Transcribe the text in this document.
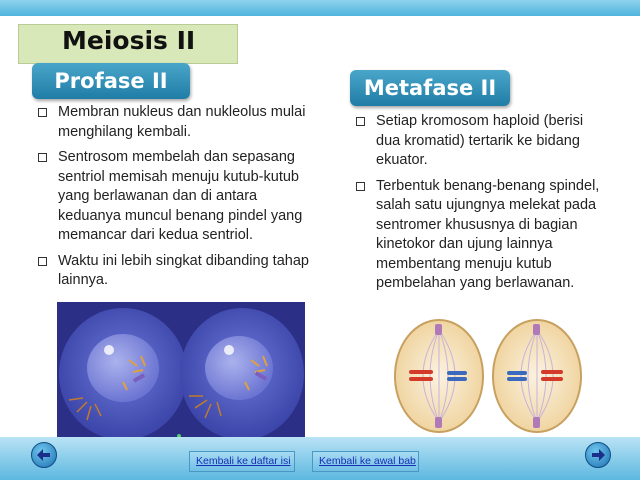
Meiosis II
Profase II	Metafase II
Membran nukleus dan nukleolus mulai menghilang kembali.
Sentrosom membelah dan sepasang sentriol memisah menuju kutub-kutub yang berlawanan dan di antara keduanya muncul benang pindel yang memancar dari kedua sentriol.
Waktu ini lebih singkat dibanding tahap lainnya.
Setiap kromosom haploid (berisi dua kromatid) tertarik ke bidang ekuator.
Terbentuk benang-benang spindel, salah satu ujungnya melekat pada sentromer khususnya di bagian kinetokor dan ujung lainnya membentang menuju kutub pembelahan yang berlawanan.
Kembali ke daftar isi	Kembali ke awal bab
